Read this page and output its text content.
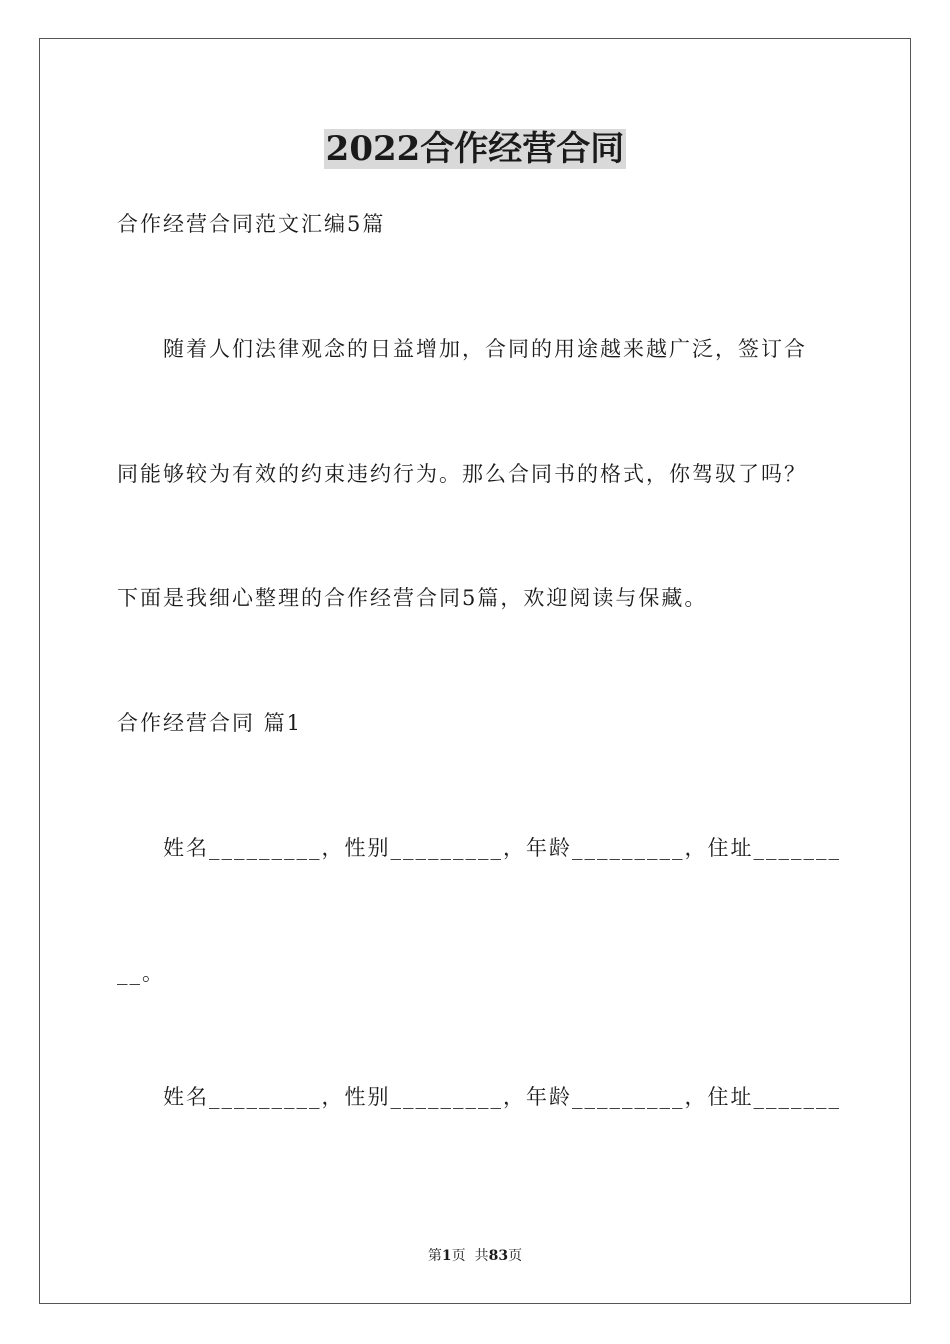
2022合作经营合同
合作经营合同范文汇编5篇
随着人们法律观念的日益增加，合同的用途越来越广泛，签订合
同能够较为有效的约束违约行为。那么合同书的格式，你驾驭了吗？
下面是我细心整理的合作经营合同5篇，欢迎阅读与保藏。
合作经营合同 篇1
姓名_________，性别_________，年龄_________，住址_______
__。
姓名_________，性别_________，年龄_________，住址_______
第1页  共83页
